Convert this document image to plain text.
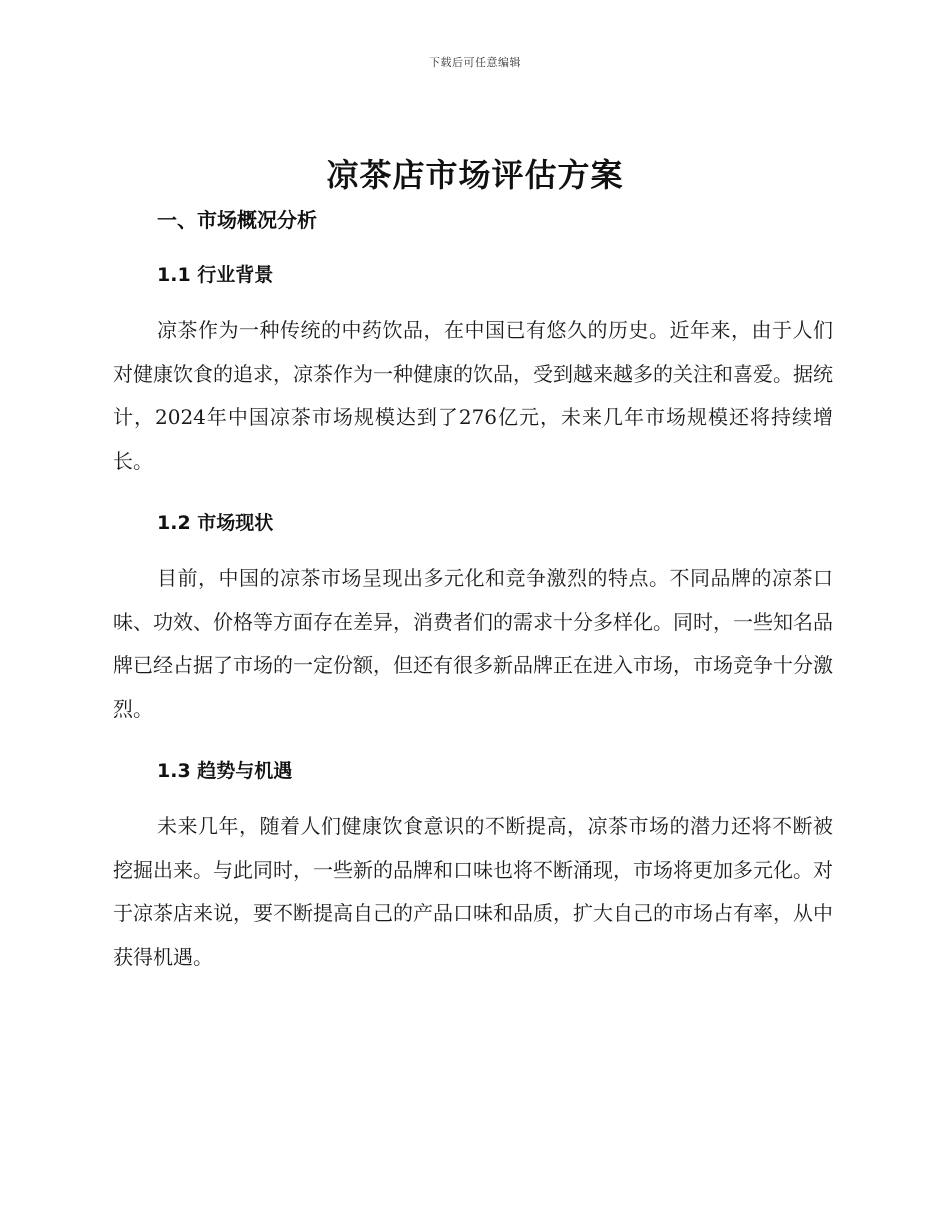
下载后可任意编辑
凉茶店市场评估方案
一、市场概况分析
1.1 行业背景

凉茶作为一种传统的中药饮品，在中国已有悠久的历史。近年来，由于人们对健康饮食的追求，凉茶作为一种健康的饮品，受到越来越多的关注和喜爱。据统计，2024年中国凉茶市场规模达到了276亿元，未来几年市场规模还将持续增长。

1.2 市场现状

目前，中国的凉茶市场呈现出多元化和竞争激烈的特点。不同品牌的凉茶口味、功效、价格等方面存在差异，消费者们的需求十分多样化。同时，一些知名品牌已经占据了市场的一定份额，但还有很多新品牌正在进入市场，市场竞争十分激烈。

1.3 趋势与机遇

未来几年，随着人们健康饮食意识的不断提高，凉茶市场的潜力还将不断被挖掘出来。与此同时，一些新的品牌和口味也将不断涌现，市场将更加多元化。对于凉茶店来说，要不断提高自己的产品口味和品质，扩大自己的市场占有率，从中获得机遇。
